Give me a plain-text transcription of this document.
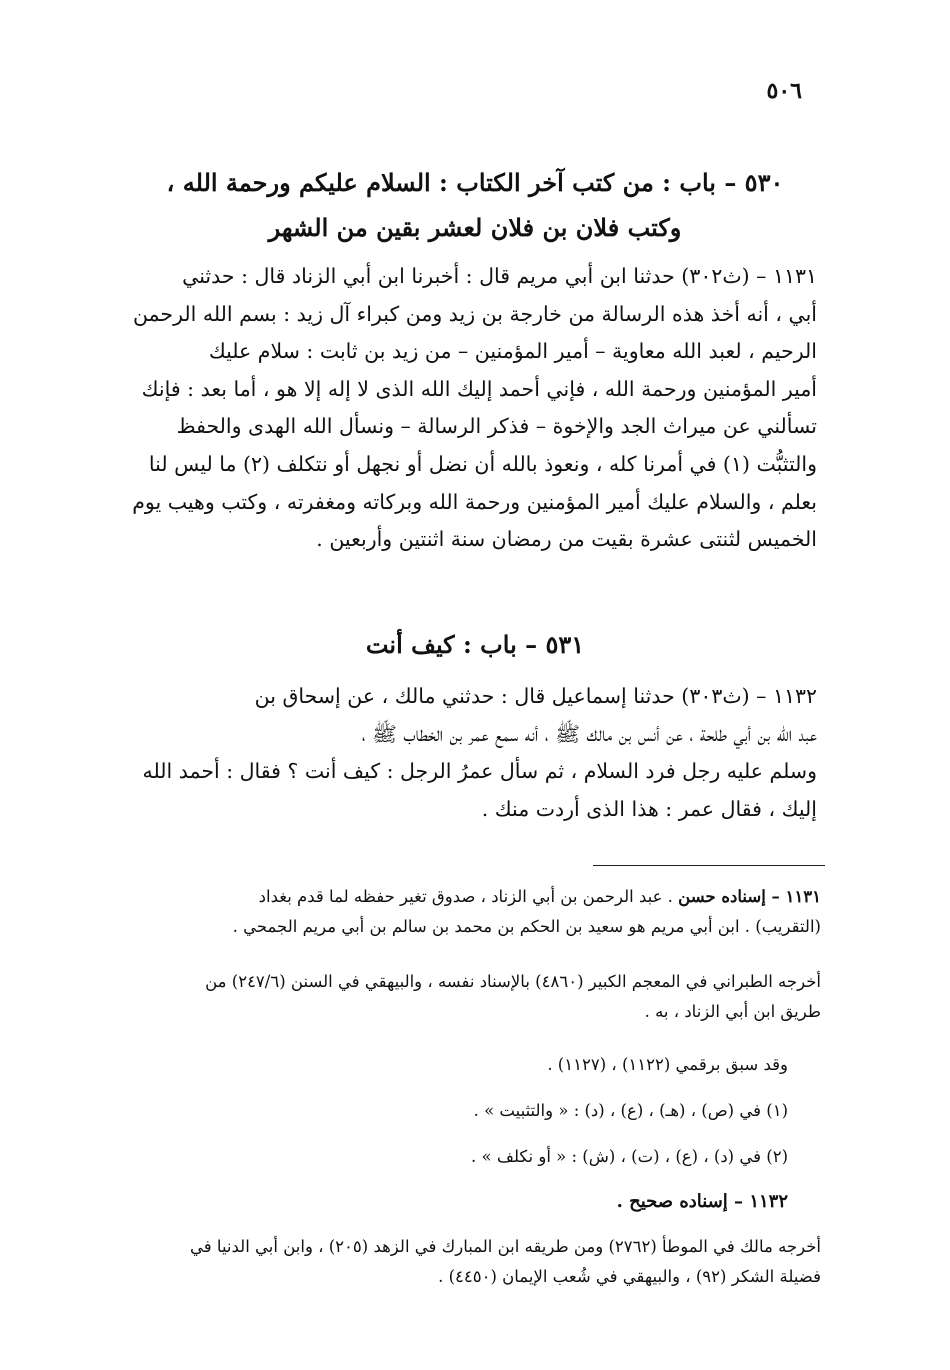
٥٠٦
٥٣٠ – باب : من كتب آخر الكتاب : السلام عليكم ورحمة الله ،
وكتب فلان بن فلان لعشر بقين من الشهر
١١٣١ – (ث٣٠٢) حدثنا ابن أبي مريم قال : أخبرنا ابن أبي الزناد قال : حدثني
أبي ، أنه أخذ هذه الرسالة من خارجة بن زيد ومن كبراء آل زيد : بسم الله الرحمن
الرحيم ، لعبد الله معاوية – أمير المؤمنين – من زيد بن ثابت : سلام عليك
أمير المؤمنين ورحمة الله ، فإني أحمد إليك الله الذى لا إله إلا هو ، أما بعد : فإنك
تسألني عن ميراث الجد والإخوة – فذكر الرسالة – ونسأل الله الهدى والحفظ
والتثبُّت (١) في أمرنا كله ، ونعوذ بالله أن نضل أو نجهل أو نتكلف (٢) ما ليس لنا
بعلم ، والسلام عليك أمير المؤمنين ورحمة الله وبركاته ومغفرته ، وكتب وهيب يوم
الخميس لثنتى عشرة بقيت من رمضان سنة اثنتين وأربعين .
٥٣١ – باب : كيف أنت
١١٣٢ – (ث٣٠٣) حدثنا إسماعيل قال : حدثني مالك ، عن إسحاق بن
عبد الله بن أبي طلحة ، عن أنس بن مالك ﷺ ، أنه سمع عمر بن الخطاب ﷺ ،
وسلم عليه رجل فرد السلام ، ثم سأل عمرُ الرجل : كيف أنت ؟ فقال : أحمد الله
إليك ، فقال عمر : هذا الذى أردت منك .
١١٣١ – إسناده حسن . عبد الرحمن بن أبي الزناد ، صدوق تغير حفظه لما قدم بغداد
(التقريب) . ابن أبي مريم هو سعيد بن الحكم بن محمد بن سالم بن أبي مريم الجمحي .
أخرجه الطبراني في المعجم الكبير (٤٨٦٠) بالإسناد نفسه ، والبيهقي في السنن (٢٤٧/٦) من
طريق ابن أبي الزناد ، به .
وقد سبق برقمي (١١٢٢) ، (١١٢٧) .
(١) في (ص) ، (هـ) ، (ع) ، (د) : « والتثبيت » .
(٢) في (د) ، (ع) ، (ت) ، (ش) : « أو نكلف » .
١١٣٢ – إسناده صحيح .
أخرجه مالك في الموطأ (٢٧٦٢) ومن طريقه ابن المبارك في الزهد (٢٠٥) ، وابن أبي الدنيا في
فضيلة الشكر (٩٢) ، والبيهقي في شُعب الإيمان (٤٤٥٠) .
